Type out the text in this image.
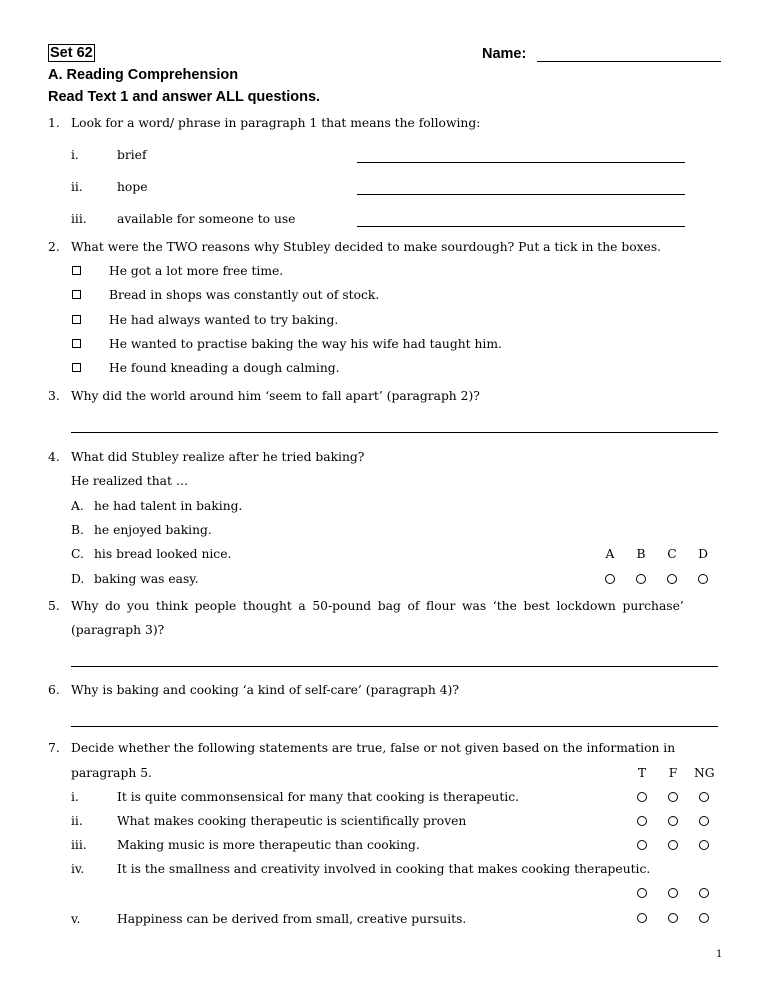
Set 62	Name:
A. Reading Comprehension
Read Text 1 and answer ALL questions.
1. Look for a word/ phrase in paragraph 1 that means the following:
i.	brief
ii.	hope
iii. available for someone to use
2. What were the TWO reasons why Stubley decided to make sourdough? Put a tick in the boxes.
He got a lot more free time.
Bread in shops was constantly out of stock.
He had always wanted to try baking.
He wanted to practise baking the way his wife had taught him.
He found kneading a dough calming.
3. Why did the world around him ‘seem to fall apart’ (paragraph 2)?
4. What did Stubley realize after he tried baking?
He realized that …
A. he had talent in baking.
B. he enjoyed baking.
C. his bread looked nice.
D. baking was easy.
A	B	C	D
5. Why do you think people thought a 50-pound bag of flour was ‘the best lockdown purchase’
(paragraph 3)?
6. Why is baking and cooking ‘a kind of self-care’ (paragraph 4)?
7. Decide whether the following statements are true, false or not given based on the information in
paragraph 5.	T	F	NG
i.	It is quite commonsensical for many that cooking is therapeutic.
ii.	What makes cooking therapeutic is scientifically proven
iii. Making music is more therapeutic than cooking.
iv.	It is the smallness and creativity involved in cooking that makes cooking therapeutic.
v.	Happiness can be derived from small, creative pursuits.
1
